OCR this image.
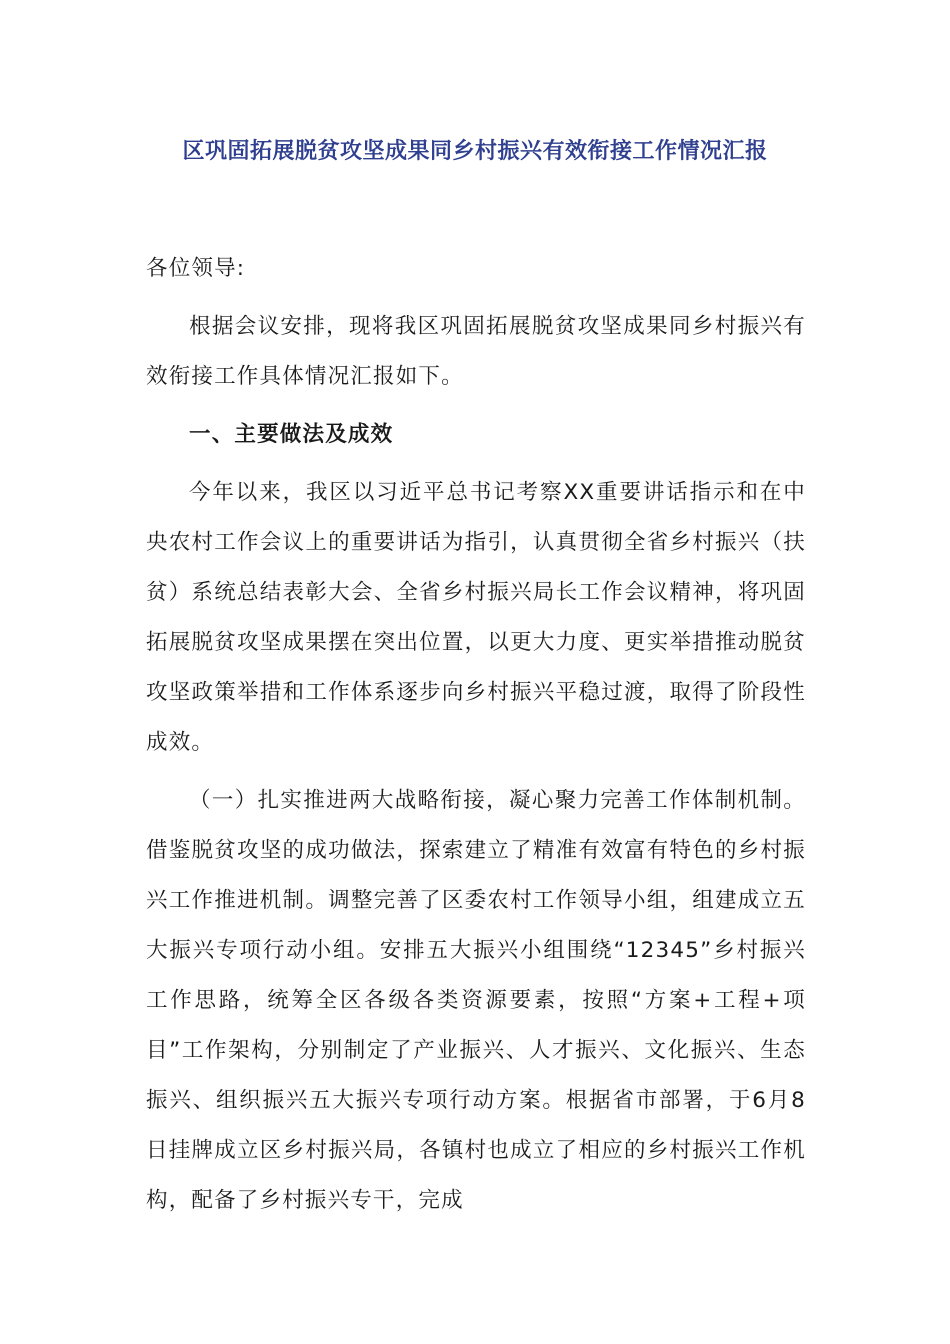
区巩固拓展脱贫攻坚成果同乡村振兴有效衔接工作情况汇报

各位领导:

根据会议安排，现将我区巩固拓展脱贫攻坚成果同乡村振兴有效衔接工作具体情况汇报如下。

一、主要做法及成效

今年以来，我区以习近平总书记考察XX重要讲话指示和在中央农村工作会议上的重要讲话为指引，认真贯彻全省乡村振兴（扶贫）系统总结表彰大会、全省乡村振兴局长工作会议精神，将巩固拓展脱贫攻坚成果摆在突出位置，以更大力度、更实举措推动脱贫攻坚政策举措和工作体系逐步向乡村振兴平稳过渡，取得了阶段性成效。

（一）扎实推进两大战略衔接，凝心聚力完善工作体制机制。借鉴脱贫攻坚的成功做法，探索建立了精准有效富有特色的乡村振兴工作推进机制。调整完善了区委农村工作领导小组，组建成立五大振兴专项行动小组。安排五大振兴小组围绕“12345”乡村振兴工作思路，统筹全区各级各类资源要素，按照“方案+工程+项目”工作架构，分别制定了产业振兴、人才振兴、文化振兴、生态振兴、组织振兴五大振兴专项行动方案。根据省市部署，于6月8日挂牌成立区乡村振兴局，各镇村也成立了相应的乡村振兴工作机构，配备了乡村振兴专干，完成
